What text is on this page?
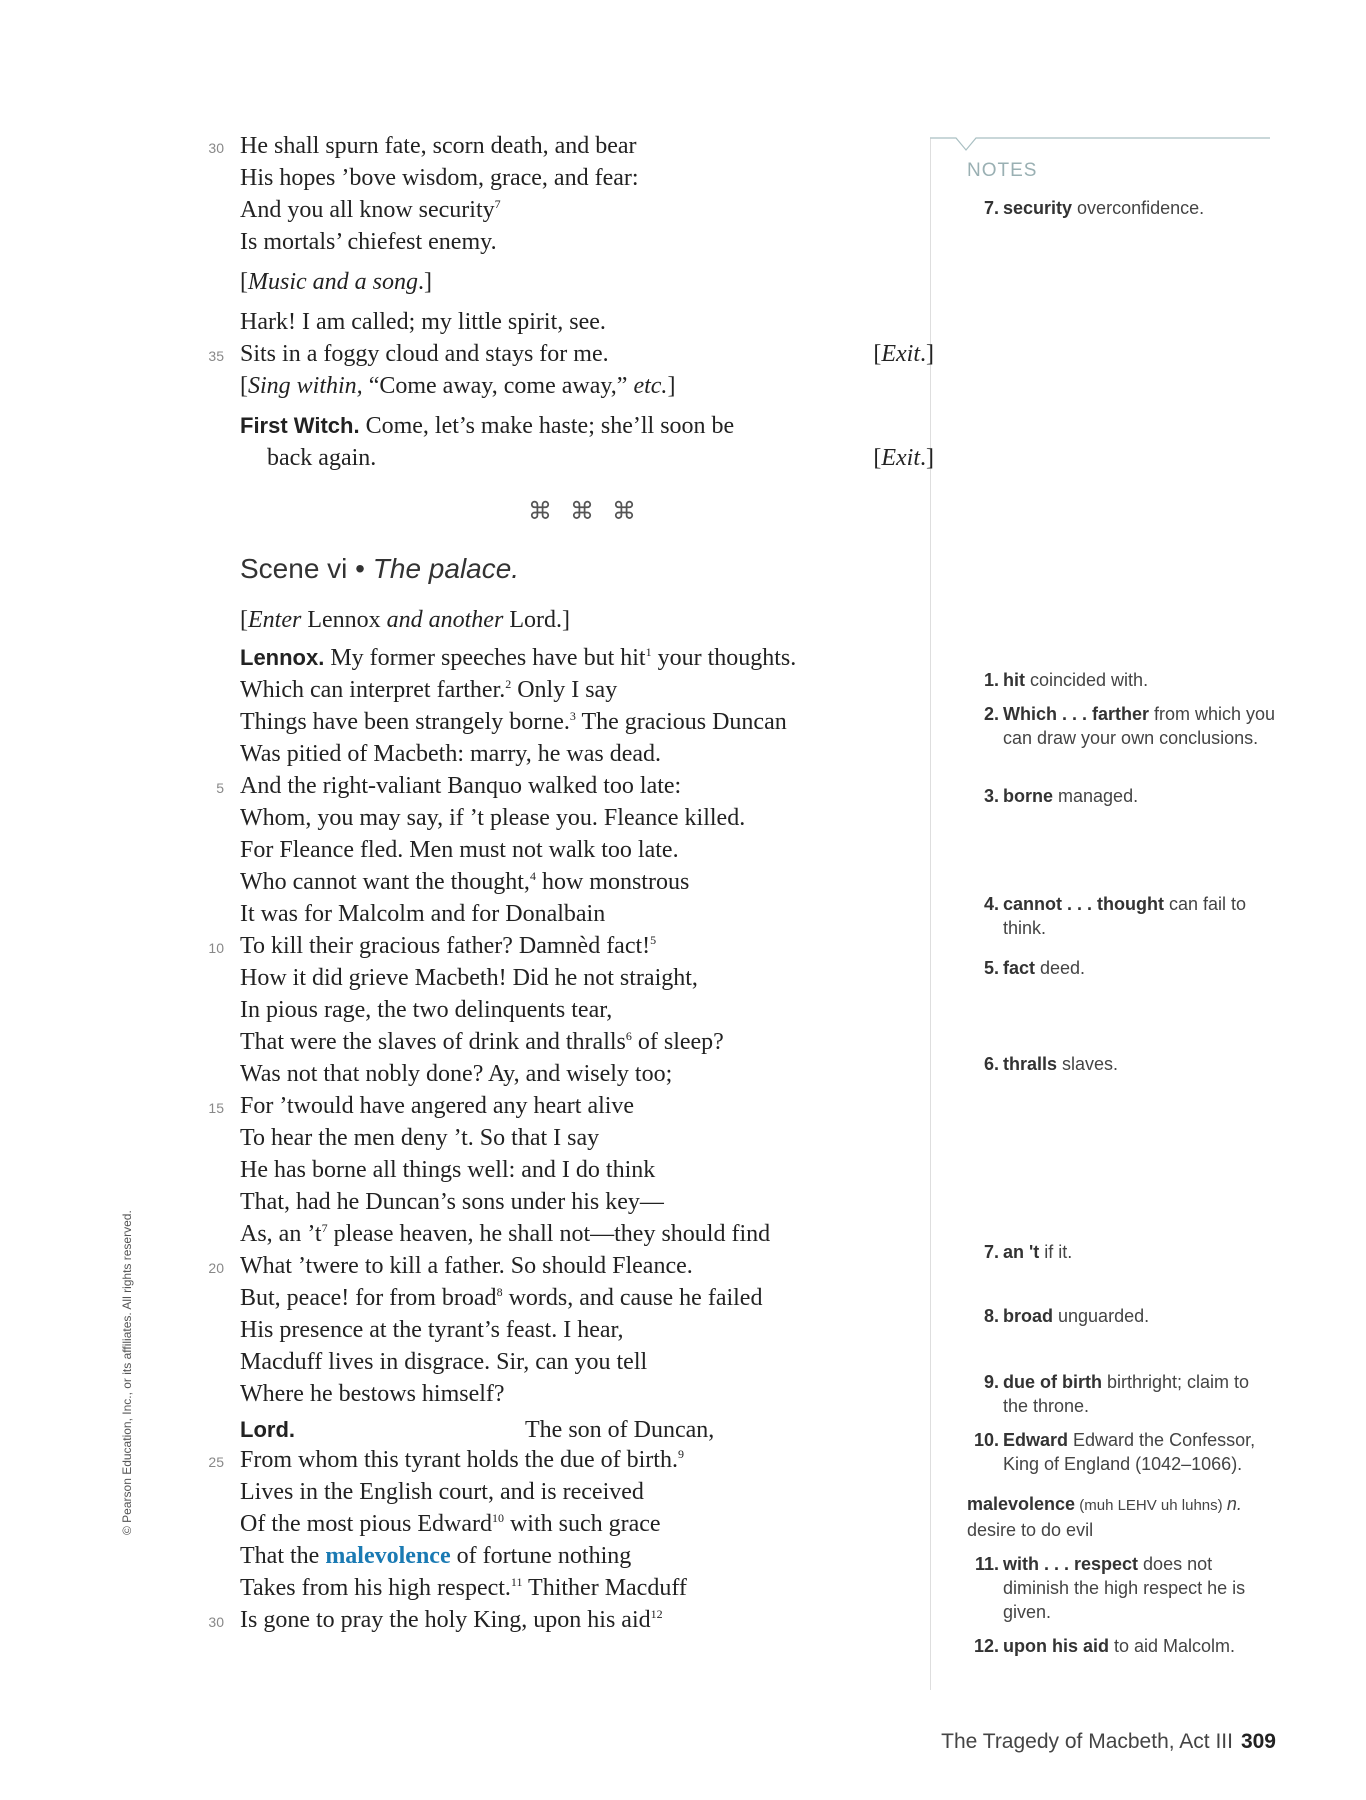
© Pearson Education, Inc., or its affiliates. All rights reserved.
30 He shall spurn fate, scorn death, and bear
His hopes ’bove wisdom, grace, and fear:
And you all know security$^7$
Is mortals’ chiefest enemy.
[Music and a song.]
Hark! I am called; my little spirit, see.
35 Sits in a foggy cloud and stays for me.	[Exit.]
[Sing within, “Come away, come away,” etc.]
First Witch. Come, let’s make haste; she’ll soon be
back again.	[Exit.]
⌘ ⌘ ⌘
Scene vi • The palace.
[Enter Lennox and another Lord.]
Lennox. My former speeches have but hit$^1$ your thoughts.
Which can interpret farther.$^2$ Only I say
Things have been strangely borne.$^3$ The gracious Duncan
Was pitied of Macbeth: marry, he was dead.
5 And the right-valiant Banquo walked too late:
Whom, you may say, if ’t please you. Fleance killed.
For Fleance fled. Men must not walk too late.
Who cannot want the thought,$^4$ how monstrous
It was for Malcolm and for Donalbain
10 To kill their gracious father? Damnèd fact!$^5$
How it did grieve Macbeth! Did he not straight,
In pious rage, the two delinquents tear,
That were the slaves of drink and thralls$^6$ of sleep?
Was not that nobly done? Ay, and wisely too;
15 For ’twould have angered any heart alive
To hear the men deny ’t. So that I say
He has borne all things well: and I do think
That, had he Duncan’s sons under his key—
As, an $’t^7$ please heaven, he shall not—they should find
20 What ’twere to kill a father. So should Fleance.
But, peace! for from broad$^8$ words, and cause he failed
His presence at the tyrant’s feast. I hear,
Macduff lives in disgrace. Sir, can you tell
Where he bestows himself?
Lord.	The son of Duncan,
25 From whom this tyrant holds the due of birth.$^9$
Lives in the English court, and is received
Of the most pious Edward$^{10}$ with such grace
That the malevolence of fortune nothing
Takes from his high respect.$^{11}$ Thither Macduff
30 Is gone to pray the holy King, upon his aid$^{12}$
NOTES
7. security overconfidence.
1. hit coincided with.
2. Which . . . farther from which you can draw your own conclusions.
3. borne managed.
4. cannot . . . thought can fail to think.
5. fact deed.
6. thralls slaves.
7. an 't if it.
8. broad unguarded.
9. due of birth birthright; claim to the throne.
10. Edward Edward the Confessor, King of England (1042–1066).
malevolence (muh LEHV uh luhns) n.
desire to do evil
11. with . . . respect does not diminish the high respect he is given.
12. upon his aid to aid Malcolm.
The Tragedy of Macbeth, Act III 309
